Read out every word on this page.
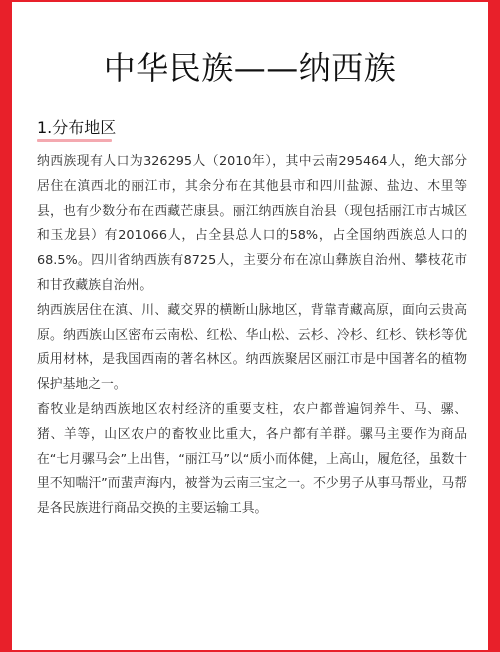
中华民族——纳西族
1.分布地区

纳西族现有人口为326295人（2010年），其中云南295464人，绝大部分居住在滇西北的丽江市，其余分布在其他县市和四川盐源、盐边、木里等县，也有少数分布在西藏芒康县。丽江纳西族自治县（现包括丽江市古城区和玉龙县）有201066人，占全县总人口的58%，占全国纳西族总人口的68.5%。四川省纳西族有8725人，主要分布在凉山彝族自治州、攀枝花市和甘孜藏族自治州。

纳西族居住在滇、川、藏交界的横断山脉地区，背靠青藏高原，面向云贵高原。纳西族山区密布云南松、红松、华山松、云杉、冷杉、红杉、铁杉等优质用材林，是我国西南的著名林区。纳西族聚居区丽江市是中国著名的植物保护基地之一。

畜牧业是纳西族地区农村经济的重要支柱，农户都普遍饲养牛、马、骡、猪、羊等，山区农户的畜牧业比重大，各户都有羊群。骡马主要作为商品在“七月骡马会”上出售，“丽江马”以“质小而体健，上高山，履危径，虽数十里不知喘汗”而蜚声海内，被誉为云南三宝之一。不少男子从事马帮业，马帮是各民族进行商品交换的主要运输工具。
